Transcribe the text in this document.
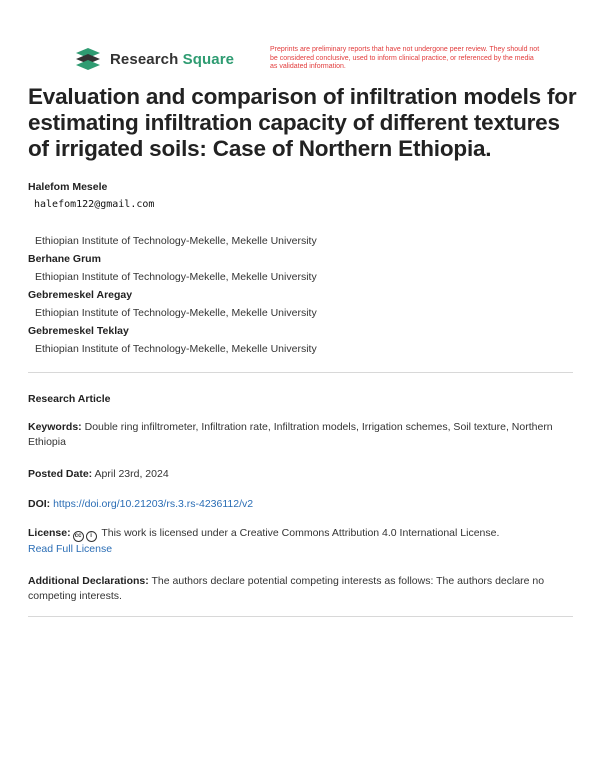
Research Square
Preprints are preliminary reports that have not undergone peer review. They should not be considered conclusive, used to inform clinical practice, or referenced by the media as validated information.
Evaluation and comparison of infiltration models for estimating infiltration capacity of different textures of irrigated soils: Case of Northern Ethiopia.
Halefom Mesele
halefom122@gmail.com
Ethiopian Institute of Technology-Mekelle, Mekelle University
Berhane Grum
Ethiopian Institute of Technology-Mekelle, Mekelle University
Gebremeskel Aregay
Ethiopian Institute of Technology-Mekelle, Mekelle University
Gebremeskel Teklay
Ethiopian Institute of Technology-Mekelle, Mekelle University
Research Article
Keywords: Double ring infiltrometer, Infiltration rate, Infiltration models, Irrigation schemes, Soil texture, Northern Ethiopia
Posted Date: April 23rd, 2024
DOI: https://doi.org/10.21203/rs.3.rs-4236112/v2
License: cc	i This work is licensed under a Creative Commons Attribution 4.0 International License.
Read Full License
Additional Declarations: The authors declare potential competing interests as follows: The authors declare no competing interests.
